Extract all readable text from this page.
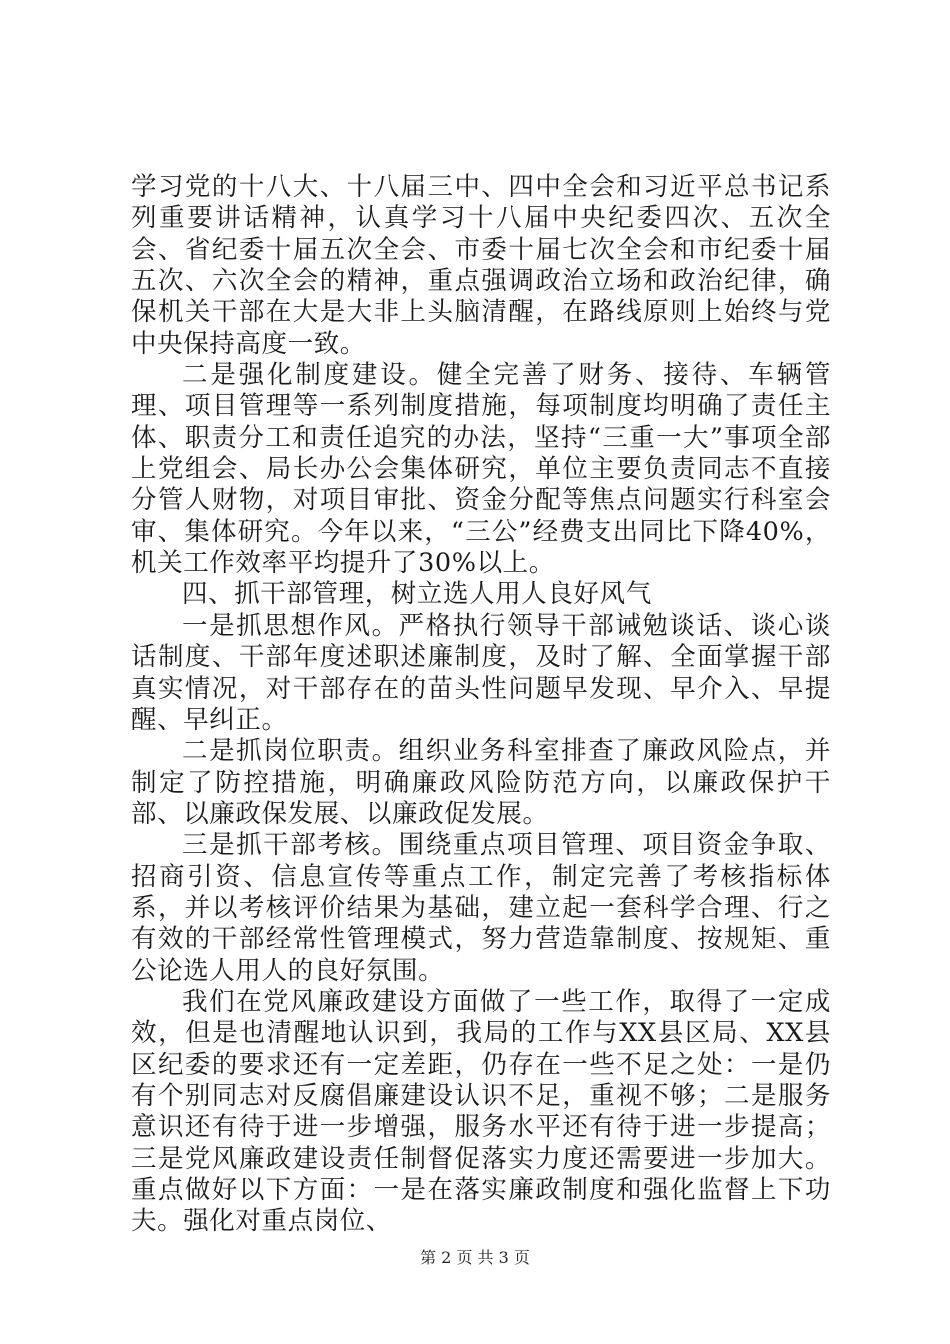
学习党的十八大、十八届三中、四中全会和习近平总书记系列重要讲话精神，认真学习十八届中央纪委四次、五次全会、省纪委十届五次全会、市委十届七次全会和市纪委十届五次、六次全会的精神，重点强调政治立场和政治纪律，确保机关干部在大是大非上头脑清醒，在路线原则上始终与党中央保持高度一致。

二是强化制度建设。健全完善了财务、接待、车辆管理、项目管理等一系列制度措施，每项制度均明确了责任主体、职责分工和责任追究的办法，坚持“三重一大”事项全部上党组会、局长办公会集体研究，单位主要负责同志不直接分管人财物，对项目审批、资金分配等焦点问题实行科室会审、集体研究。今年以来，“三公”经费支出同比下降40%，机关工作效率平均提升了30%以上。

四、抓干部管理，树立选人用人良好风气

一是抓思想作风。严格执行领导干部诫勉谈话、谈心谈话制度、干部年度述职述廉制度，及时了解、全面掌握干部真实情况，对干部存在的苗头性问题早发现、早介入、早提醒、早纠正。

二是抓岗位职责。组织业务科室排查了廉政风险点，并制定了防控措施，明确廉政风险防范方向，以廉政保护干部、以廉政保发展、以廉政促发展。

三是抓干部考核。围绕重点项目管理、项目资金争取、招商引资、信息宣传等重点工作，制定完善了考核指标体系，并以考核评价结果为基础，建立起一套科学合理、行之有效的干部经常性管理模式，努力营造靠制度、按规矩、重公论选人用人的良好氛围。

我们在党风廉政建设方面做了一些工作，取得了一定成效，但是也清醒地认识到，我局的工作与XX县区局、XX县区纪委的要求还有一定差距，仍存在一些不足之处：一是仍有个别同志对反腐倡廉建设认识不足，重视不够；二是服务意识还有待于进一步增强，服务水平还有待于进一步提高；三是党风廉政建设责任制督促落实力度还需要进一步加大。重点做好以下方面：一是在落实廉政制度和强化监督上下功夫。强化对重点岗位、

第 2 页 共 3 页
